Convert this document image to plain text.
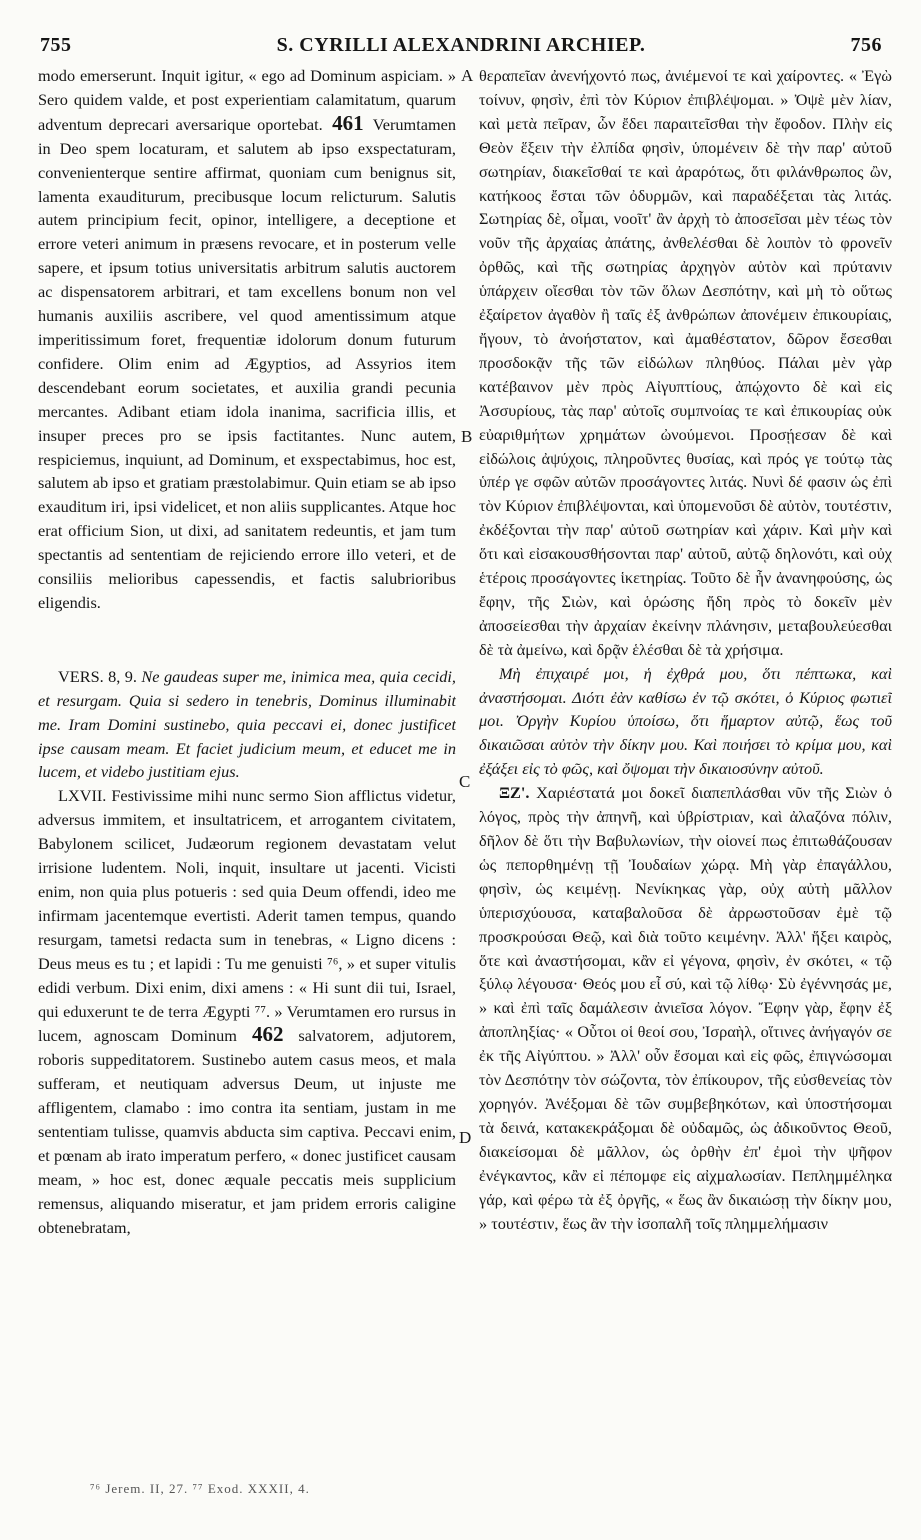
755	S. CYRILLI ALEXANDRINI ARCHIEP.	756

modo emerserunt. Inquit igitur, « ego ad Dominum aspiciam. » Sero quidem valde, et post experientiam calamitatum, quarum adventum deprecari aversarique oportebat. 461 Verumtamen in Deo spem locaturam, et salutem ab ipso exspectaturam, convenienterque sentire affirmat, quoniam cum benignus sit, lamenta exauditurum, precibusque locum relicturum. Salutis autem principium fecit, opinor, intelligere, a deceptione et errore veteri animum in præsens revocare, et in posterum velle sapere, et ipsum totius universitatis arbitrum salutis auctorem ac dispensatorem arbitrari, et tam excellens bonum non vel humanis auxiliis ascribere, vel quod amentissimum atque imperitissimum foret, frequentiæ idolorum donum futurum confidere. Olim enim ad Ægyptios, ad Assyrios item descendebant eorum societates, et auxilia grandi pecunia mercantes. Adibant etiam idola inanima, sacrificia illis, et insuper preces pro se ipsis factitantes. Nunc autem, respiciemus, inquiunt, ad Dominum, et exspectabimus, hoc est, salutem ab ipso et gratiam præstolabimur. Quin etiam se ab ipso exauditum iri, ipsi videlicet, et non aliis supplicantes. Atque hoc erat officium Sion, ut dixi, ad sanitatem redeuntis, et jam tum spectantis ad sententiam de rejiciendo errore illo veteri, et de consiliis melioribus capessendis, et factis salubrioribus eligendis.

VERS. 8, 9. Ne gaudeas super me, inimica mea, quia cecidi, et resurgam. Quia si sedero in tenebris, Dominus illuminabit me. Iram Domini sustinebo, quia peccavi ei, donec justificet ipse causam meam. Et faciet judicium meum, et educet me in lucem, et videbo justitiam ejus.

LXVII. Festivissime mihi nunc sermo Sion afflictus videtur, adversus immitem, et insultatricem, et arrogantem civitatem, Babylonem scilicet, Judæorum regionem devastatam velut irrisione ludentem. Noli, inquit, insultare ut jacenti. Vicisti enim, non quia plus potueris : sed quia Deum offendi, ideo me infirmam jacentemque evertisti. Aderit tamen tempus, quando resurgam, tametsi redacta sum in tenebras, « Ligno dicens : Deus meus es tu ; et lapidi : Tu me genuisti ⁷⁶, » et super vitulis edidi verbum. Dixi enim, dixi amens : « Hi sunt dii tui, Israel, qui eduxerunt te de terra Ægypti ⁷⁷. » Verumtamen ero rursus in lucem, agnoscam Dominum 462 salvatorem, adjutorem, roboris suppeditatorem. Sustinebo autem casus meos, et mala sufferam, et neutiquam adversus Deum, ut injuste me affligentem, clamabo : imo contra ita sentiam, justam in me sententiam tulisse, quamvis abducta sim captiva. Peccavi enim, et pœnam ab irato imperatum perfero, « donec justificet causam meam, » hoc est, donec æquale peccatis meis supplicium remensus, aliquando miseratur, et jam pridem erroris caligine obtenebratam,

θεραπεῖαν ἀνενήχοντό πως, ἀνιέμενοί τε καὶ χαίροντες. « Ἐγὼ τοίνυν, φησὶν, ἐπὶ τὸν Κύριον ἐπιβλέψομαι. » Ὀψὲ μὲν λίαν, καὶ μετὰ πεῖραν, ὧν ἔδει παραιτεῖσθαι τὴν ἔφοδον. Πλὴν εἰς Θεὸν ἕξειν τὴν ἐλπίδα φησὶν, ὑπομένειν δὲ τὴν παρ' αὐτοῦ σωτηρίαν, διακεῖσθαί τε καὶ ἀραρότως, ὅτι φιλάνθρωπος ὢν, κατήκοος ἔσται τῶν ὀδυρμῶν, καὶ παραδέξεται τὰς λιτάς. Σωτηρίας δὲ, οἶμαι, νοοῖτ' ἂν ἀρχὴ τὸ ἀποσεῖσαι μὲν τέως τὸν νοῦν τῆς ἀρχαίας ἀπάτης, ἀνθελέσθαι δὲ λοιπὸν τὸ φρονεῖν ὀρθῶς, καὶ τῆς σωτηρίας ἀρχηγὸν αὐτὸν καὶ πρύτανιν ὑπάρχειν οἴεσθαι τὸν τῶν ὅλων Δεσπότην, καὶ μὴ τὸ οὕτως ἐξαίρετον ἀγαθὸν ἢ ταῖς ἐξ ἀνθρώπων ἀπονέμειν ἐπικουρίαις, ἤγουν, τὸ ἀνοήστατον, καὶ ἀμαθέστατον, δῶρον ἔσεσθαι προσδοκᾷν τῆς τῶν εἰδώλων πληθύος. Πάλαι μὲν γὰρ κατέβαινον μὲν πρὸς Αἰγυπτίους, ἀπῴχοντο δὲ καὶ εἰς Ἀσσυρίους, τὰς παρ' αὐτοῖς συμπνοίας τε καὶ ἐπικουρίας οὐκ εὐαριθμήτων χρημάτων ὠνούμενοι. Προσῄεσαν δὲ καὶ εἰδώλοις ἀψύχοις, πληροῦντες θυσίας, καὶ πρός γε τούτῳ τὰς ὑπέρ γε σφῶν αὐτῶν προσάγοντες λιτάς. Νυνὶ δέ φασιν ὡς ἐπὶ τὸν Κύριον ἐπιβλέψονται, καὶ ὑπομενοῦσι δὲ αὐτὸν, τουτέστιν, ἐκδέξονται τὴν παρ' αὐτοῦ σωτηρίαν καὶ χάριν. Καὶ μὴν καὶ ὅτι καὶ εἰσακουσθήσονται παρ' αὐτοῦ, αὐτῷ δηλονότι, καὶ οὐχ ἑτέροις προσάγοντες ἱκετηρίας. Τοῦτο δὲ ἦν ἀνανηφούσης, ὡς ἔφην, τῆς Σιὼν, καὶ ὁρώσης ἤδη πρὸς τὸ δοκεῖν μὲν ἀποσείεσθαι τὴν ἀρχαίαν ἐκείνην πλάνησιν, μεταβουλεύεσθαι δὲ τὰ ἀμείνω, καὶ δρᾷν ἑλέσθαι δὲ τὰ χρήσιμα.

Μὴ ἐπιχαιρέ μοι, ἡ ἐχθρά μου, ὅτι πέπτωκα, καὶ ἀναστήσομαι. Διότι ἐὰν καθίσω ἐν τῷ σκότει, ὁ Κύριος φωτιεῖ μοι. Ὀργὴν Κυρίου ὑποίσω, ὅτι ἥμαρτον αὐτῷ, ἕως τοῦ δικαιῶσαι αὐτὸν τὴν δίκην μου. Καὶ ποιήσει τὸ κρίμα μου, καὶ ἐξάξει εἰς τὸ φῶς, καὶ ὄψομαι τὴν δικαιοσύνην αὐτοῦ.

ΞΖ'. Χαριέστατά μοι δοκεῖ διαπεπλάσθαι νῦν τῆς Σιὼν ὁ λόγος, πρὸς τὴν ἀπηνῆ, καὶ ὑβρίστριαν, καὶ ἀλαζόνα πόλιν, δῆλον δὲ ὅτι τὴν Βαβυλωνίων, τὴν οἱονεί πως ἐπιτωθάζουσαν ὡς πεπορθημένῃ τῇ Ἰουδαίων χώρᾳ. Μὴ γὰρ ἐπαγάλλου, φησὶν, ὡς κειμένῃ. Νενίκηκας γὰρ, οὐχ αὐτὴ μᾶλλον ὑπερισχύουσα, καταβαλοῦσα δὲ ἀρρωστοῦσαν ἐμὲ τῷ προσκρούσαι Θεῷ, καὶ διὰ τοῦτο κειμένην. Ἀλλ' ἥξει καιρὸς, ὅτε καὶ ἀναστήσομαι, κἂν εἰ γέγονα, φησὶν, ἐν σκότει, « τῷ ξύλῳ λέγουσα· Θεός μου εἶ σύ, καὶ τῷ λίθῳ· Σὺ ἐγέννησάς με, » καὶ ἐπὶ ταῖς δαμάλεσιν ἀνιεῖσα λόγον. Ἔφην γὰρ, ἔφην ἐξ ἀποπληξίας· « Οὗτοι οἱ θεοί σου, Ἰσραὴλ, οἵτινες ἀνήγαγόν σε ἐκ τῆς Αἰγύπτου. » Ἀλλ' οὖν ἔσομαι καὶ εἰς φῶς, ἐπιγνώσομαι τὸν Δεσπότην τὸν σώζοντα, τὸν ἐπίκουρον, τῆς εὐσθενείας τὸν χορηγόν. Ἀνέξομαι δὲ τῶν συμβεβηκότων, καὶ ὑποστήσομαι τὰ δεινά, κατακεκράξομαι δὲ οὐδαμῶς, ὡς ἀδικοῦντος Θεοῦ, διακείσομαι δὲ μᾶλλον, ὡς ὀρθὴν ἐπ' ἐμοὶ τὴν ψῆφον ἐνέγκαντος, κἂν εἰ πέπομφε εἰς αἰχμαλωσίαν. Πεπλημμέληκα γάρ, καὶ φέρω τὰ ἐξ ὀργῆς, « ἕως ἂν δικαιώσῃ τὴν δίκην μου, » τουτέστιν, ἕως ἂν τὴν ἰσοπαλῆ τοῖς πλημμελήμασιν

A
B
C
D
⁷⁶ Jerem. II, 27. ⁷⁷ Exod. XXXII, 4.
